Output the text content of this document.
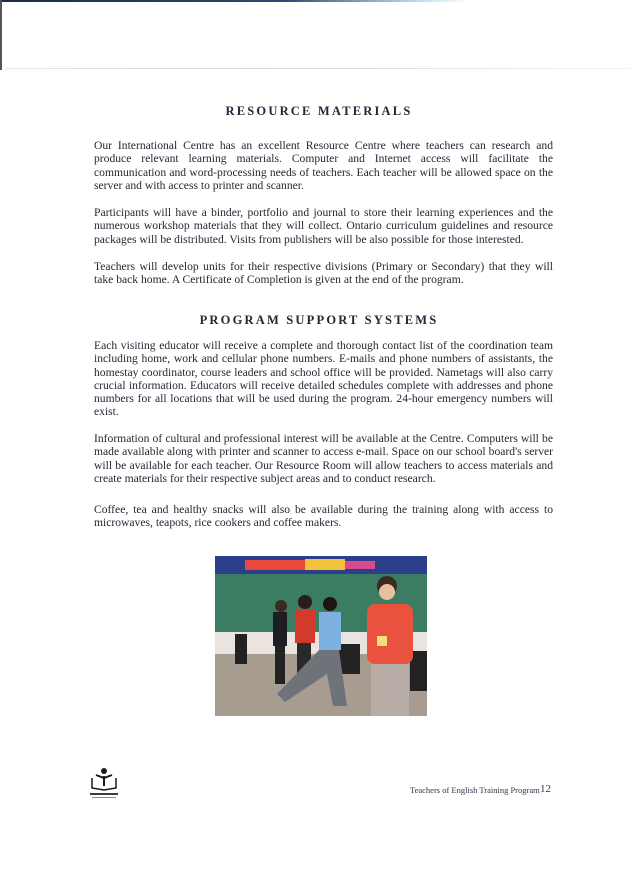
RESOURCE MATERIALS

Our International Centre has an excellent Resource Centre where teachers can research and produce relevant learning materials. Computer and Internet access will facilitate the communication and word-processing needs of teachers. Each teacher will be allowed space on the server and with access to printer and scanner.

Participants will have a binder, portfolio and journal to store their learning experiences and the numerous workshop materials that they will collect. Ontario curriculum guidelines and resource packages will be distributed. Visits from publishers will be also possible for those interested.

Teachers will develop units for their respective divisions (Primary or Secondary) that they will take back home. A Certificate of Completion is given at the end of the program.

PROGRAM SUPPORT SYSTEMS

Each visiting educator will receive a complete and thorough contact list of the coordination team including home, work and cellular phone numbers. E-mails and phone numbers of assistants, the homestay coordinator, course leaders and school office will be provided. Nametags will also carry crucial information. Educators will receive detailed schedules complete with addresses and phone numbers for all locations that will be used during the program. 24-hour emergency numbers will exist.

Information of cultural and professional interest will be available at the Centre. Computers will be made available along with printer and scanner to access e-mail. Space on our school board's server will be available for each teacher. Our Resource Room will allow teachers to access materials and create materials for their respective subject areas and to conduct research.

Coffee, tea and healthy snacks will also be available during the training along with access to microwaves, teapots, rice cookers and coffee makers.

Teachers of English Training Program 12
